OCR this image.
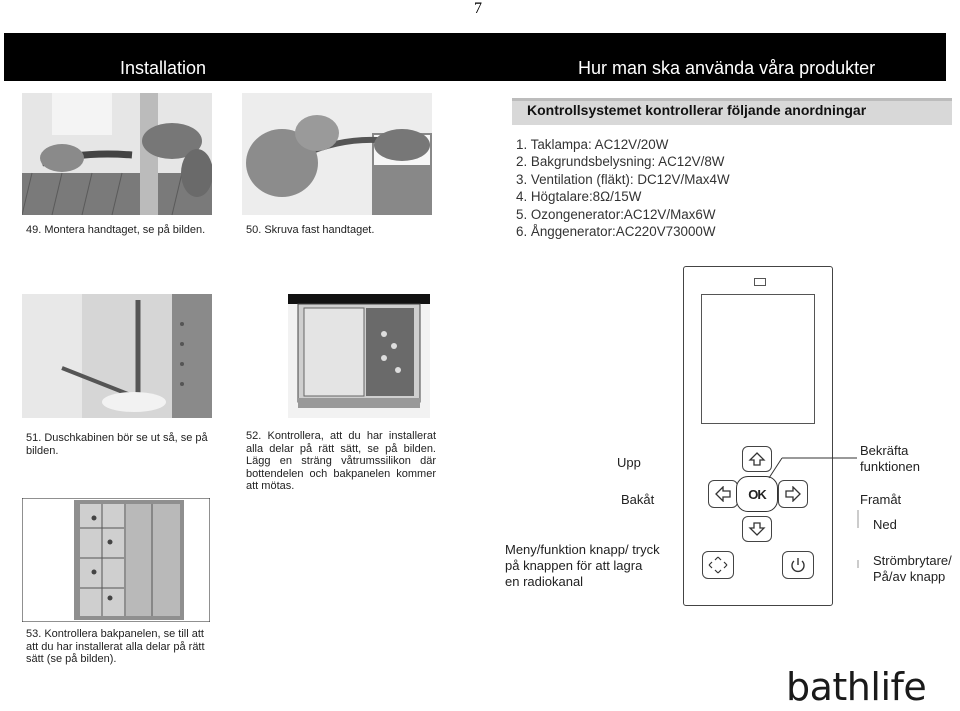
7
Installation	Hur man ska använda våra produkter
Kontrollsystemet kontrollerar följande anordningar
1. Taklampa: AC12V/20W
2. Bakgrundsbelysning: AC12V/8W
3. Ventilation (fläkt): DC12V/Max4W
4. Högtalare:8Ω/15W
5. Ozongenerator:AC12V/Max6W
6. Ånggenerator:AC220V73000W
49. Montera handtaget, se på bilden.	50. Skruva fast handtaget.
51. Duschkabinen bör se ut så, se på bilden.
52. Kontrollera, att du har installerat alla delar på rätt sätt, se på bilden. Lägg en sträng våtrumssilikon där bottendelen och bakpanelen kommer att mötas.
53. Kontrollera bakpanelen, se till att att du har installerat alla delar på rätt sätt (se på bilden).
OK
Upp
Bakåt
Bekräfta funktionen
Framåt
Ned
Meny/funktion knapp/ tryck på knappen för att lagra en radiokanal
Strömbrytare/ På/av knapp
bathlife
